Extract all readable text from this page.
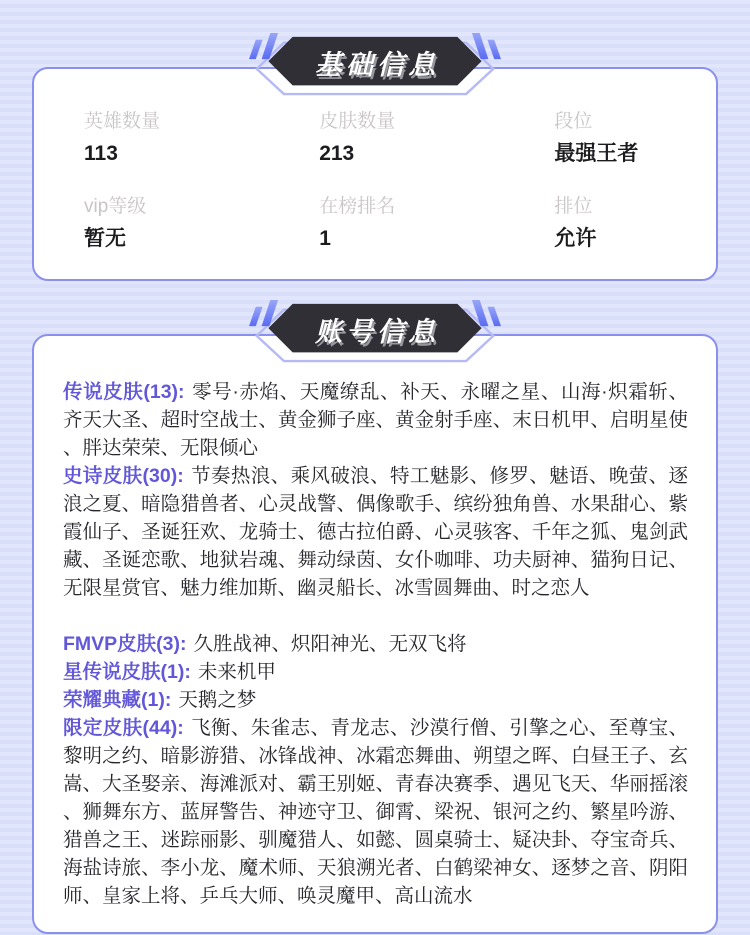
基础信息
英雄数量
113
皮肤数量
213
段位
最强王者
vip等级
暂无
在榜排名
1
排位
允许
账号信息

传说皮肤(13): 零号·赤焰、天魔缭乱、补天、永曜之星、山海·炽霜斩、齐天大圣、超时空战士、黄金狮子座、黄金射手座、末日机甲、启明星使、胖达荣荣、无限倾心

史诗皮肤(30): 节奏热浪、乘风破浪、特工魅影、修罗、魅语、晚萤、逐浪之夏、暗隐猎兽者、心灵战警、偶像歌手、缤纷独角兽、水果甜心、紫霞仙子、圣诞狂欢、龙骑士、德古拉伯爵、心灵骇客、千年之狐、鬼剑武藏、圣诞恋歌、地狱岩魂、舞动绿茵、女仆咖啡、功夫厨神、猫狗日记、无限星赏官、魅力维加斯、幽灵船长、冰雪圆舞曲、时之恋人

FMVP皮肤(3): 久胜战神、炽阳神光、无双飞将

星传说皮肤(1): 未来机甲

荣耀典藏(1): 天鹅之梦

限定皮肤(44): 飞衡、朱雀志、青龙志、沙漠行僧、引擎之心、至尊宝、黎明之约、暗影游猎、冰锋战神、冰霜恋舞曲、朔望之晖、白昼王子、玄嵩、大圣娶亲、海滩派对、霸王别姬、青春决赛季、遇见飞天、华丽摇滚、狮舞东方、蓝屏警告、神迹守卫、御霄、梁祝、银河之约、繁星吟游、猎兽之王、迷踪丽影、驯魔猎人、如懿、圆桌骑士、疑决卦、夺宝奇兵、海盐诗旅、李小龙、魔术师、天狼溯光者、白鹤梁神女、逐梦之音、阴阳师、皇家上将、乒乓大师、唤灵魔甲、高山流水
